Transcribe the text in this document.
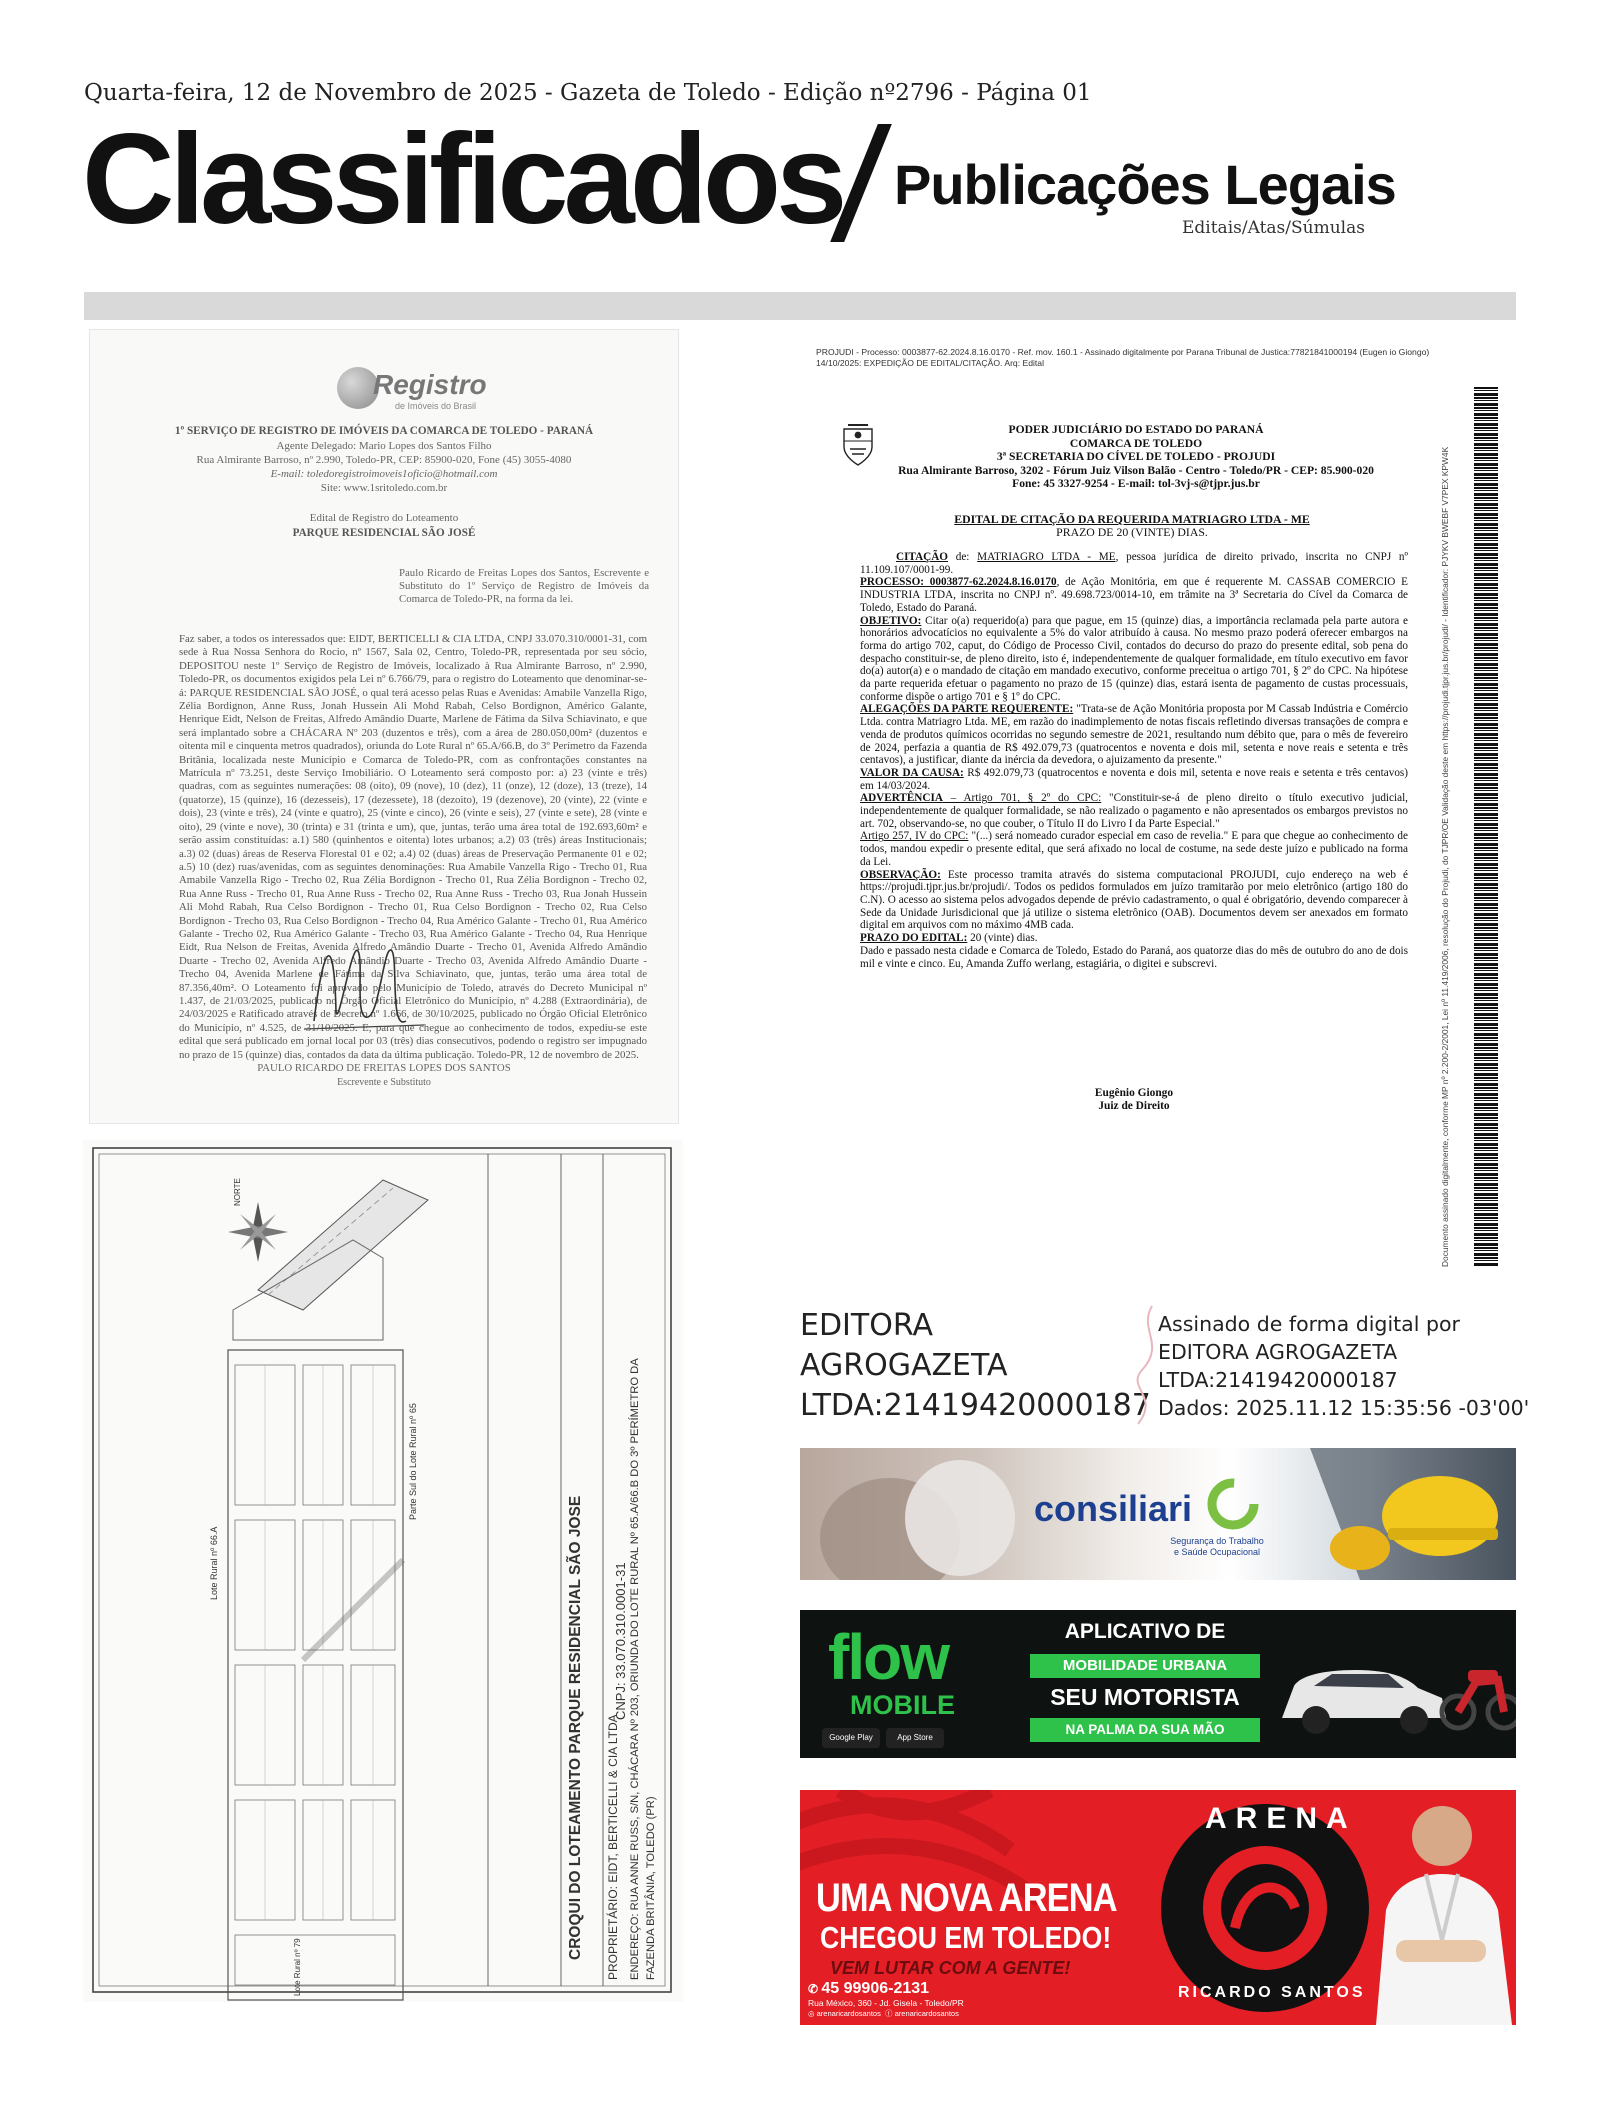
Quarta-feira, 12 de Novembro de 2025 - Gazeta de Toledo - Edição nº2796 - Página 01
Classificados Publicações Legais
Editais/Atas/Súmulas
Registro
de Imóveis do Brasil
1º SERVIÇO DE REGISTRO DE IMÓVEIS DA COMARCA DE TOLEDO - PARANÁ
Agente Delegado: Mario Lopes dos Santos Filho
Rua Almirante Barroso, nº 2.990, Toledo-PR, CEP: 85900-020, Fone (45) 3055-4080
E-mail: toledoregistroimoveis1oficio@hotmail.com
Site: www.1sritoledo.com.br
Edital de Registro do Loteamento
PARQUE RESIDENCIAL SÃO JOSÉ
Paulo Ricardo de Freitas Lopes dos Santos, Escrevente e Substituto do 1º Serviço de Registro de Imóveis da Comarca de Toledo-PR, na forma da lei.
Faz saber, a todos os interessados que: EIDT, BERTICELLI & CIA LTDA, CNPJ 33.070.310/0001-31, com sede à Rua Nossa Senhora do Rocio, nº 1567, Sala 02, Centro, Toledo-PR, representada por seu sócio, DEPOSITOU neste 1º Serviço de Registro de Imóveis, localizado à Rua Almirante Barroso, nº 2.990, Toledo-PR, os documentos exigidos pela Lei nº 6.766/79, para o registro do Loteamento que denominar-se-á: PARQUE RESIDENCIAL SÃO JOSÉ, o qual terá acesso pelas Ruas e Avenidas: Amabile Vanzella Rigo, Zélia Bordignon, Anne Russ, Jonah Hussein Ali Mohd Rabah, Celso Bordignon, Américo Galante, Henrique Eidt, Nelson de Freitas, Alfredo Amândio Duarte, Marlene de Fátima da Silva Schiavinato, e que será implantado sobre a CHÁCARA Nº 203 (duzentos e três), com a área de 280.050,00m² (duzentos e oitenta mil e cinquenta metros quadrados), oriunda do Lote Rural nº 65.A/66.B, do 3º Perímetro da Fazenda Britânia, localizada neste Município e Comarca de Toledo-PR, com as confrontações constantes na Matrícula nº 73.251, deste Serviço Imobiliário. O Loteamento será composto por: a) 23 (vinte e três) quadras, com as seguintes numerações: 08 (oito), 09 (nove), 10 (dez), 11 (onze), 12 (doze), 13 (treze), 14 (quatorze), 15 (quinze), 16 (dezesseis), 17 (dezessete), 18 (dezoito), 19 (dezenove), 20 (vinte), 22 (vinte e dois), 23 (vinte e três), 24 (vinte e quatro), 25 (vinte e cinco), 26 (vinte e seis), 27 (vinte e sete), 28 (vinte e oito), 29 (vinte e nove), 30 (trinta) e 31 (trinta e um), que, juntas, terão uma área total de 192.693,60m² e serão assim constituídas: a.1) 580 (quinhentos e oitenta) lotes urbanos; a.2) 03 (três) áreas Institucionais; a.3) 02 (duas) áreas de Reserva Florestal 01 e 02; a.4) 02 (duas) áreas de Preservação Permanente 01 e 02; a.5) 10 (dez) ruas/avenidas, com as seguintes denominações: Rua Amabile Vanzella Rigo - Trecho 01, Rua Amabile Vanzella Rigo - Trecho 02, Rua Zélia Bordignon - Trecho 01, Rua Zélia Bordignon - Trecho 02, Rua Anne Russ - Trecho 01, Rua Anne Russ - Trecho 02, Rua Anne Russ - Trecho 03, Rua Jonah Hussein Ali Mohd Rabah, Rua Celso Bordignon - Trecho 01, Rua Celso Bordignon - Trecho 02, Rua Celso Bordignon - Trecho 03, Rua Celso Bordignon - Trecho 04, Rua Américo Galante - Trecho 01, Rua Américo Galante - Trecho 02, Rua Américo Galante - Trecho 03, Rua Américo Galante - Trecho 04, Rua Henrique Eidt, Rua Nelson de Freitas, Avenida Alfredo Amândio Duarte - Trecho 01, Avenida Alfredo Amândio Duarte - Trecho 02, Avenida Alfredo Amândio Duarte - Trecho 03, Avenida Alfredo Amândio Duarte - Trecho 04, Avenida Marlene de Fátima da Silva Schiavinato, que, juntas, terão uma área total de 87.356,40m². O Loteamento foi aprovado pelo Município de Toledo, através do Decreto Municipal nº 1.437, de 21/03/2025, publicado no Órgão Oficial Eletrônico do Município, nº 4.288 (Extraordinária), de 24/03/2025 e Ratificado através de Decreto nº 1.666, de 30/10/2025, publicado no Órgão Oficial Eletrônico do Município, nº 4.525, de 31/10/2025. E, para que chegue ao conhecimento de todos, expediu-se este edital que será publicado em jornal local por 03 (três) dias consecutivos, podendo o registro ser impugnado no prazo de 15 (quinze) dias, contados da data da última publicação. Toledo-PR, 12 de novembro de 2025.
PAULO RICARDO DE FREITAS LOPES DOS SANTOS
Escrevente e Substituto
NORTE
Lote Rural nº 66.A
Parte Sul do Lote Rural nº 65
Lote Rural nº 79
CROQUI DO LOTEAMENTO PARQUE RESIDENCIAL SÃO JOSE CNPJ: 33.070.310.0001-31
PROPRIETÁRIO: EIDT, BERTICELLI & CIA LTDA ENDEREÇO: RUA ANNE RUSS, S/N, CHÁCARA Nº 203, ORIUNDA DO LOTE RURAL Nº 65.A/66.B DO 3º PERÍMETRO DA FAZENDA BRITÂNIA, TOLEDO (PR)
PROJUDI - Processo: 0003877-62.2024.8.16.0170 - Ref. mov. 160.1 - Assinado digitalmente por Parana Tribunal de Justica:77821841000194 (Eugen io Giongo)
14/10/2025: EXPEDIÇÃO DE EDITAL/CITAÇÃO. Arq: Edital
PODER JUDICIÁRIO DO ESTADO DO PARANÁ
COMARCA DE TOLEDO
3ª SECRETARIA DO CÍVEL DE TOLEDO - PROJUDI
Rua Almirante Barroso, 3202 - Fórum Juiz Vilson Balão - Centro - Toledo/PR - CEP: 85.900-020
Fone: 45 3327-9254 - E-mail: tol-3vj-s@tjpr.jus.br
EDITAL DE CITAÇÃO DA REQUERIDA MATRIAGRO LTDA - ME
PRAZO DE 20 (VINTE) DIAS.

CITAÇÃO de: MATRIAGRO LTDA - ME, pessoa jurídica de direito privado, inscrita no CNPJ nº 11.109.107/0001-99.

PROCESSO: 0003877-62.2024.8.16.0170, de Ação Monitória, em que é requerente M. CASSAB COMERCIO E INDUSTRIA LTDA, inscrita no CNPJ nº. 49.698.723/0014-10, em trâmite na 3ª Secretaria do Cível da Comarca de Toledo, Estado do Paraná.

OBJETIVO: Citar o(a) requerido(a) para que pague, em 15 (quinze) dias, a importância reclamada pela parte autora e honorários advocatícios no equivalente a 5% do valor atribuído à causa. No mesmo prazo poderá oferecer embargos na forma do artigo 702, caput, do Código de Processo Civil, contados do decurso do prazo do presente edital, sob pena do despacho constituir-se, de pleno direito, isto é, independentemente de qualquer formalidade, em título executivo em favor do(a) autor(a) e o mandado de citação em mandado executivo, conforme preceitua o artigo 701, § 2º do CPC. Na hipótese da parte requerida efetuar o pagamento no prazo de 15 (quinze) dias, estará isenta de pagamento de custas processuais, conforme dispõe o artigo 701 e § 1º do CPC.

ALEGAÇÕES DA PARTE REQUERENTE: "Trata-se de Ação Monitória proposta por M Cassab Indústria e Comércio Ltda. contra Matriagro Ltda. ME, em razão do inadimplemento de notas fiscais refletindo diversas transações de compra e venda de produtos químicos ocorridas no segundo semestre de 2021, resultando num débito que, para o mês de fevereiro de 2024, perfazia a quantia de R$ 492.079,73 (quatrocentos e noventa e dois mil, setenta e nove reais e setenta e três centavos), a justificar, diante da inércia da devedora, o ajuizamento da presente."

VALOR DA CAUSA: R$ 492.079,73 (quatrocentos e noventa e dois mil, setenta e nove reais e setenta e três centavos) em 14/03/2024.

ADVERTÊNCIA – Artigo 701, § 2º do CPC: "Constituir-se-á de pleno direito o título executivo judicial, independentemente de qualquer formalidade, se não realizado o pagamento e não apresentados os embargos previstos no art. 702, observando-se, no que couber, o Título II do Livro I da Parte Especial."

Artigo 257, IV do CPC: "(...) será nomeado curador especial em caso de revelia." E para que chegue ao conhecimento de todos, mandou expedir o presente edital, que será afixado no local de costume, na sede deste juízo e publicado na forma da Lei.

OBSERVAÇÃO: Este processo tramita através do sistema computacional PROJUDI, cujo endereço na web é https://projudi.tjpr.jus.br/projudi/. Todos os pedidos formulados em juízo tramitarão por meio eletrônico (artigo 180 do C.N). O acesso ao sistema pelos advogados depende de prévio cadastramento, o qual é obrigatório, devendo comparecer à Sede da Unidade Jurisdicional que já utilize o sistema eletrônico (OAB). Documentos devem ser anexados em formato digital em arquivos com no máximo 4MB cada.

PRAZO DO EDITAL: 20 (vinte) dias.

Dado e passado nesta cidade e Comarca de Toledo, Estado do Paraná, aos quatorze dias do mês de outubro do ano de dois mil e vinte e cinco. Eu, Amanda Zuffo werlang, estagiária, o digitei e subscrevi.

Eugênio Giongo
Juiz de Direito	Documento assinado digitalmente, conforme MP nº 2.200-2/2001, Lei nº 11.419/2006, resolução do Projudi, do TJPR/OE Validação deste em https://projudi.tjpr.jus.br/projudi/ - Identificador: PJYKV BWEBF V7PEX KPW4K
EDITORA
AGROGAZETA
LTDA:21419420000187
Assinado de forma digital por
EDITORA AGROGAZETA
LTDA:21419420000187
Dados: 2025.11.12 15:35:56 -03'00'
consiliari
Segurança do Trabalho
e Saúde Ocupacional
flow
MOBILE
Google Play	App Store
APLICATIVO DE
MOBILIDADE URBANA
SEU MOTORISTA
NA PALMA DA SUA MÃO
UMA NOVA ARENA
CHEGOU EM TOLEDO!
VEM LUTAR COM A GENTE!
✆ 45 99906-2131
Rua México, 360 - Jd. Gisela - Toledo/PR
◎ arenaricardosantos ⓕ arenaricardosantos
ARENA
RICARDO SANTOS
